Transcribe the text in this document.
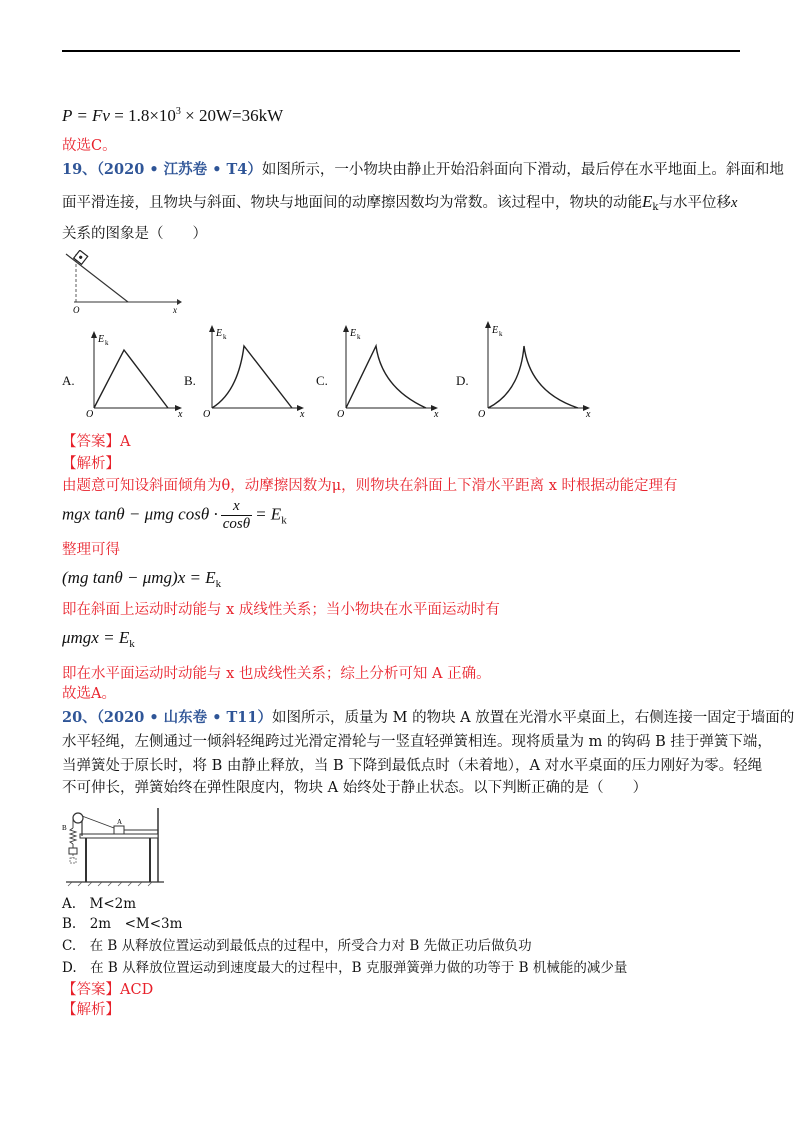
$P = Fv = 1.8\times 10^3 \times 20W=36kW$
故选C。
19、（2020 • 江苏卷 • T4）如图所示，一小物块由静止开始沿斜面向下滑动，最后停在水平地面上。斜面和地
面平滑连接，且物块与斜面、物块与地面间的动摩擦因数均为常数。该过程中，物块的动能$E_k$与水平位移x
关系的图象是（　　）
O	x
A.	B.	C.	D.
E k
O	x
E k
O	x
E k
O	x
E k
O	x
【答案】A
【解析】
由题意可知设斜面倾角为θ，动摩擦因数为μ，则物块在斜面上下滑水平距离 x 时根据动能定理有
mgx tanθ − μmg $\cos\theta \cdot \frac{x}{\cos\theta} = E_k$
整理可得
(mg $\tan\theta - \mu mg)x = E_k$
即在斜面上运动时动能与 x 成线性关系；当小物块在水平面运动时有
$\mu mgx = E_k$
即在水平面运动时动能与 x 也成线性关系；综上分析可知 A 正确。
故选A。
20、（2020 • 山东卷 • T11）如图所示，质量为 M 的物块 A 放置在光滑水平桌面上，右侧连接一固定于墙面的
水平轻绳，左侧通过一倾斜轻绳跨过光滑定滑轮与一竖直轻弹簧相连。现将质量为 m 的钩码 B 挂于弹簧下端，
当弹簧处于原长时，将 B 由静止释放，当 B 下降到最低点时（未着地），A 对水平桌面的压力刚好为零。轻绳
不可伸长，弹簧始终在弹性限度内，物块 A 始终处于静止状态。以下判断正确的是（　　）
A
B
A.　M<2m
B.　2m　<M<3m
C.　在 B 从释放位置运动到最低点的过程中，所受合力对 B 先做正功后做负功
D.　在 B 从释放位置运动到速度最大的过程中，B 克服弹簧弹力做的功等于 B 机械能的减少量
【答案】ACD
【解析】
